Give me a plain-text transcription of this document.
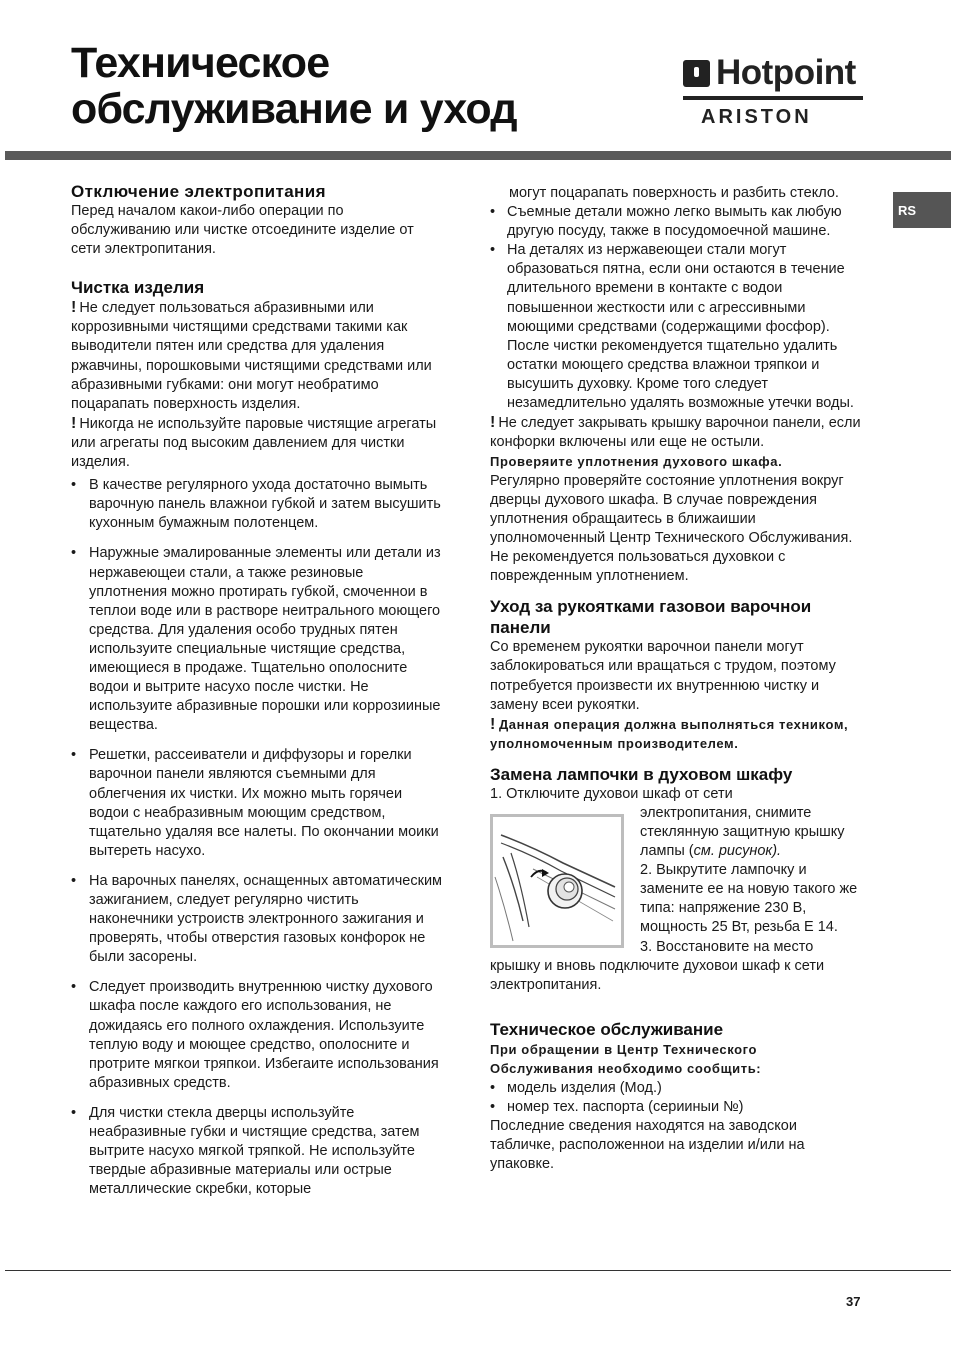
Техническое
обслуживание и уход
Hotpoint
ARISTON
RS
Отключение электропитания

Перед началом какои-либо операции по обслуживанию или чистке отсоедините изделие от сети электропитания.

Чистка изделия

! Не следует пользоваться абразивными или коррозивными чистящими средствами такими как выводители пятен или средства для удаления ржавчины, порошковыми чистящими средствами или абразивными губками: они могут необратимо поцарапать поверхность изделия.

! Никогда не используйте паровые чистящие агрегаты или агрегаты под высоким давлением для чистки изделия.

• В качестве регулярного ухода достаточно вымыть варочную панель влажнои губкой и затем высушить кухонным бумажным полотенцем.
• Наружные эмалированные элементы или детали из нержавеющеи стали, а также резиновые уплотнения можно протирать губкой, смоченнои в теплои воде или в растворе неитрального моющего средства. Для удаления особо трудных пятен используите специальные чистящие средства, имеющиеся в продаже. Тщательно ополосните водои и вытрите насухо после чистки. Не используите абразивные порошки или коррозииные вещества.
• Решетки, рассеиватели и диффузоры и горелки варочнои панели являются съемными для облегчения их чистки. Их можно мыть горячеи водои с неабразивным моющим средством, тщательно удаляя все налеты. По окончании моики вытереть насухо.
• На варочных панелях, оснащенных автоматическим зажиганием, следует регулярно чистить наконечники устроиств электронного зажигания и проверять, чтобы отверстия газовых конфорок не были засорены.
• Следует производить внутреннюю чистку духового шкафа после каждого его использования, не дожидаясь его полного охлаждения. Используите теплую воду и моющее средство, ополосните и протрите мягкои тряпкои. Избегаите использования абразивных средств.
• Для чистки стекла дверцы используйте неабразивные губки и чистящие средства, затем вытрите насухо мягкой тряпкой. Не используйте твердые абразивные материалы или острые металлические скребки, которые

могут поцарапать поверхность и разбить стекло.

• Съемные детали можно легко вымыть как любую другую посуду, также в посудомоечной машине.
• На деталях из нержавеющеи стали могут образоваться пятна, если они остаются в течение длительного времени в контакте с водои повышеннои жесткости или с агрессивными моющими средствами (содержащими фосфор). После чистки рекомендуется тщательно удалить остатки моющего средства влажнои тряпкои и высушить духовку. Кроме того следует незамедлительно удалять возможные утечки воды.

! Не следует закрывать крышку варочнои панели, если конфорки включены или еще не остыли.

Проверяите уплотнения духового шкафа.

Регулярно проверяйте состояние уплотнения вокруг дверцы духового шкафа. В случае повреждения уплотнения обращаитесь в ближаишии уполномоченный Центр Технического Обслуживания. Не рекомендуется пользоваться духовкои с поврежденным уплотнением.

Уход за рукоятками газовои варочнои панели

Со временем рукоятки варочнои панели могут заблокироваться или вращаться с трудом, поэтому потребуется произвести их внутреннюю чистку и замену всеи рукоятки.

! Данная операция должна выполняться техником, уполномоченным производителем.

Замена лампочки в духовом шкафу

1. Отключите духовои шкаф от сети

электропитания, снимите стеклянную защитную крышку лампы (см. рисунок).

2. Выкрутите лампочку и замените ее на новую такого же типа: напряжение 230 В, мощность 25 Вт, резьба Е 14.

3. Восстановите на место крышку и вновь подключите духовои шкаф к сети электропитания.

Техническое обслуживание

При обращении в Центр Технического Обслуживания необходимо сообщить:

• модель изделия (Мод.)
• номер тех. паспорта (серииныи №)

Последние сведения находятся на заводскои табличке, расположеннои на изделии и/или на упаковке.

37
